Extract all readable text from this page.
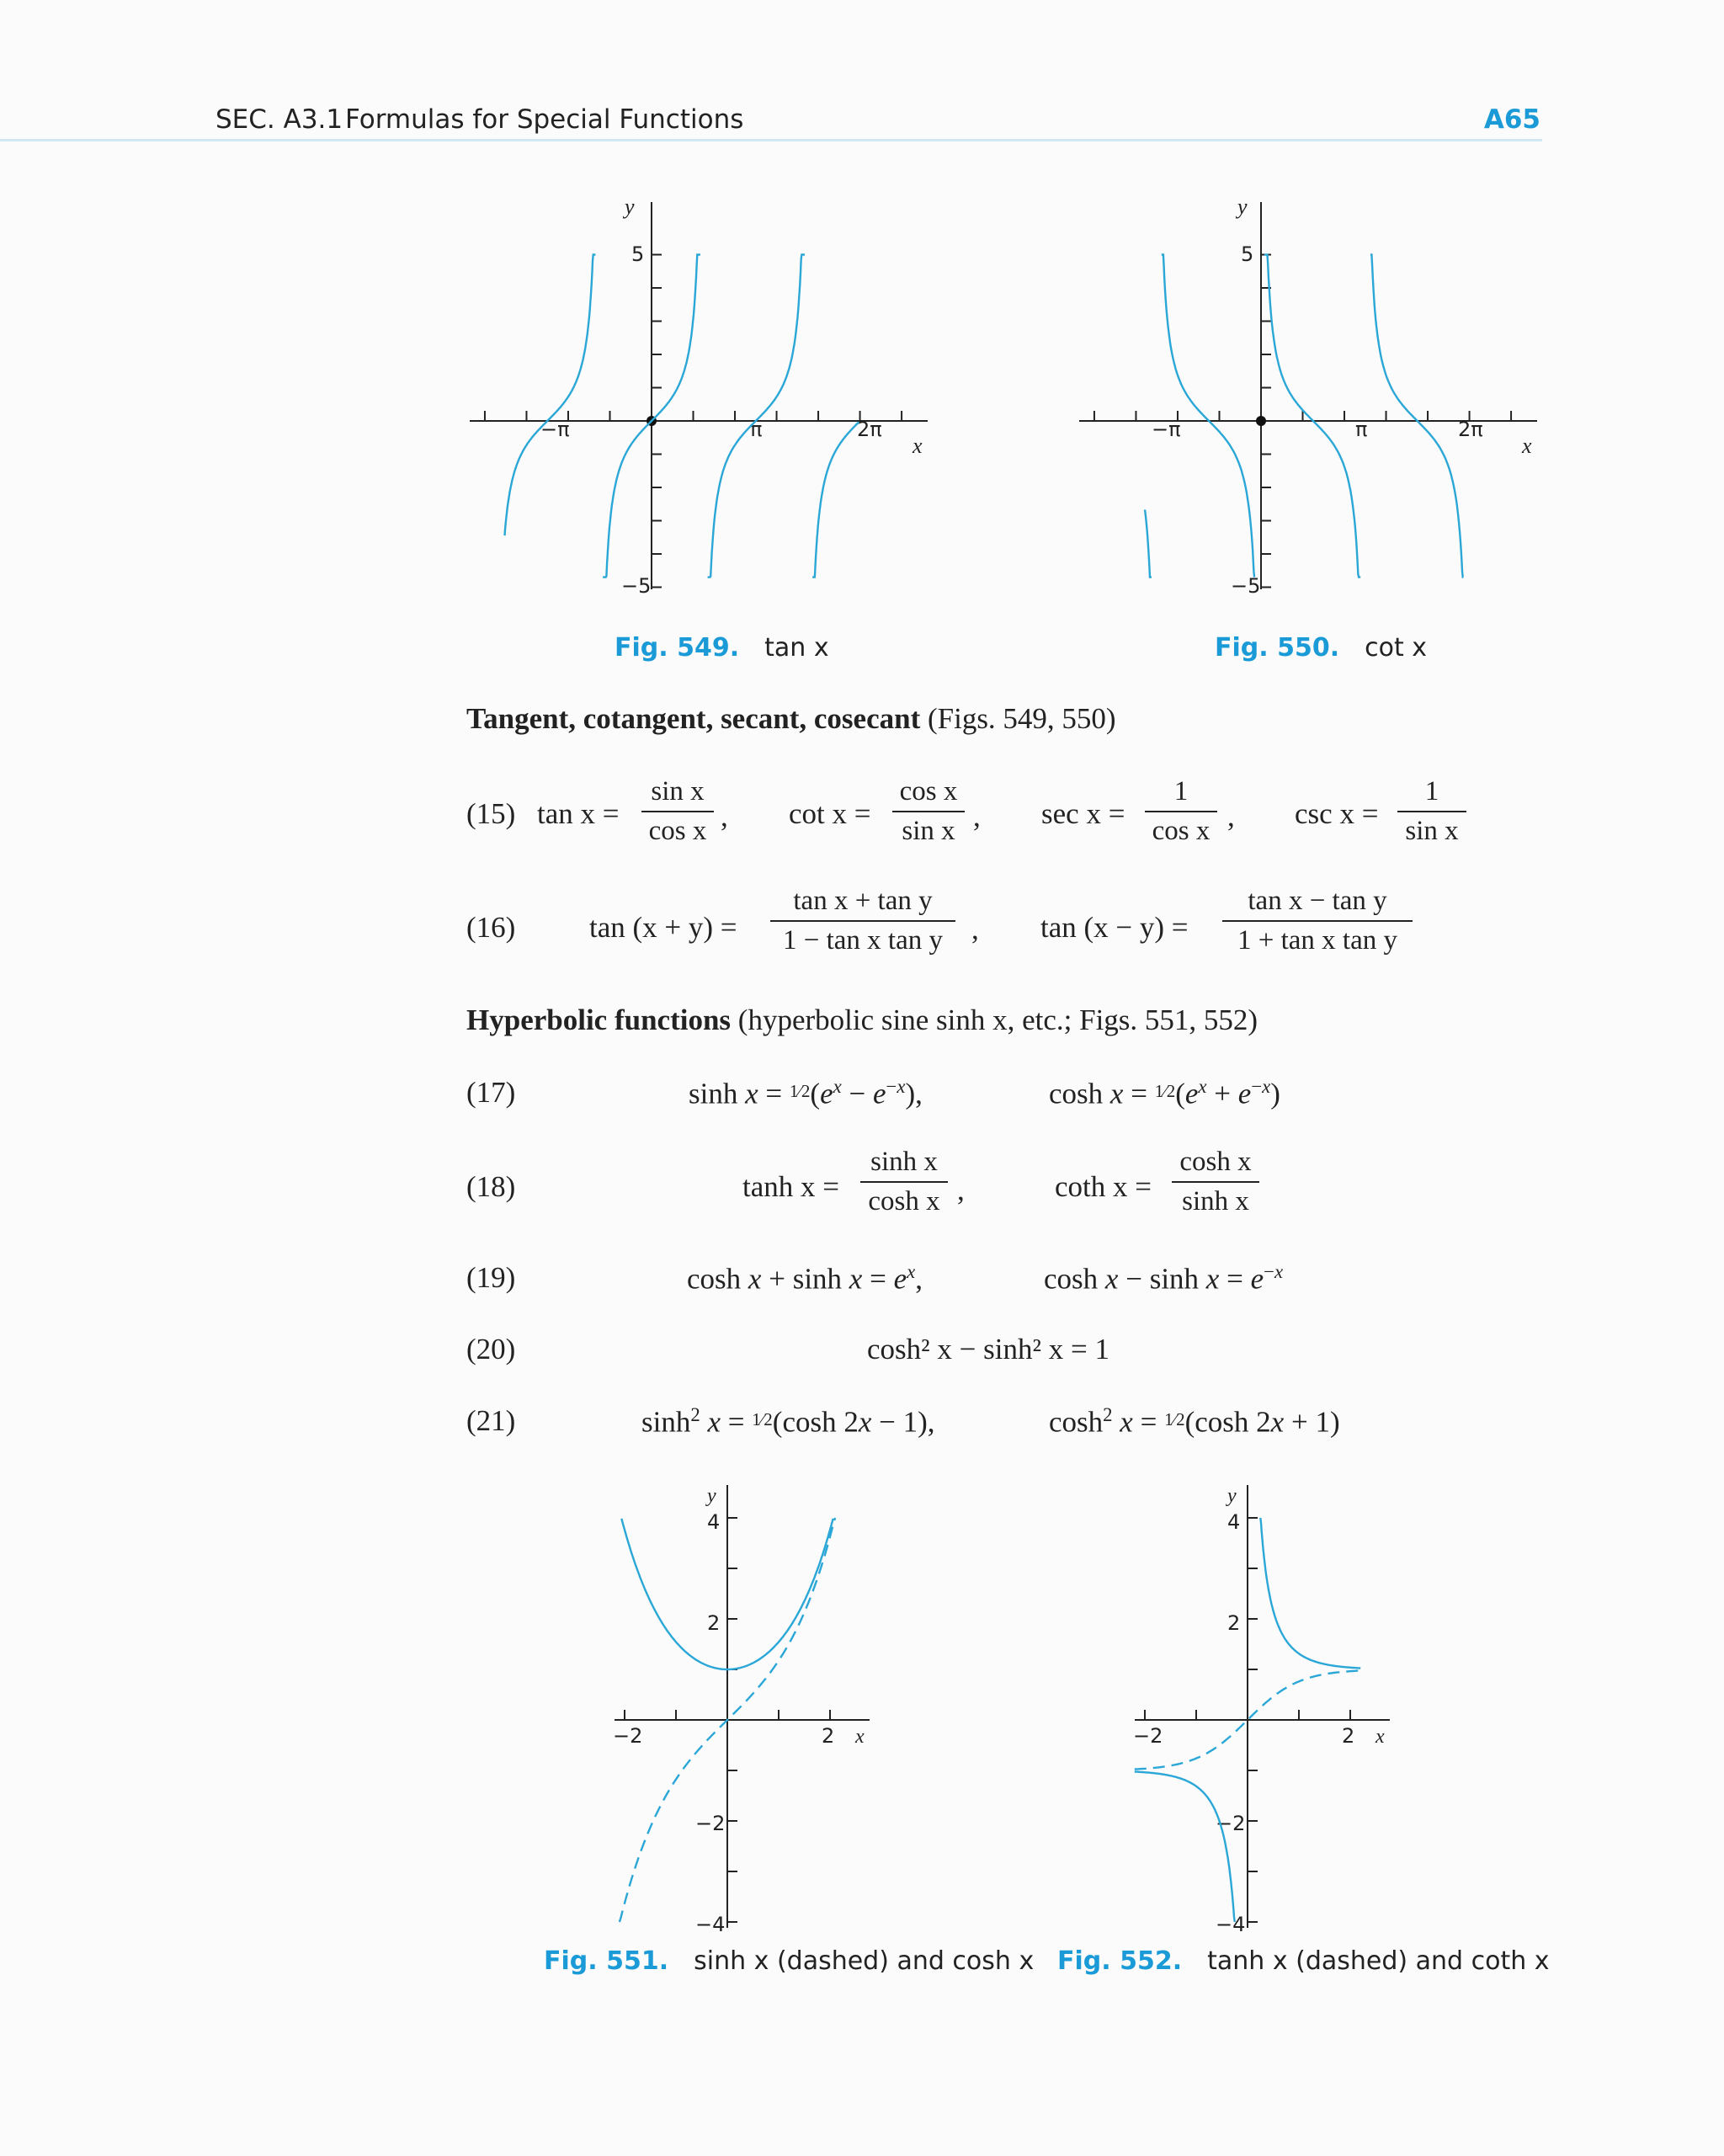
SEC. A3.1 Formulas for Special Functions	A65
y
x
−π	π	2π
5
−5
Fig. 549. tan x
y
x
−π	π	2π
5
−5
Fig. 550. cot x
Tangent, cotangent, secant, cosecant (Figs. 549, 550)
(15) $\tan x = \frac{\text{sin x}}{\text{cos x}}$ , $\cot x = \frac{\text{cos x}}{\text{sin x}}$ , $\sec x = \frac{1}{\text{cos x}}$ , $\csc x = \frac{1}{\text{sin x}}$
(16)	$\tan (x + y) = \frac{\text{tan x + tan y}}{\text{1 − tan x tan y}}$ , $\tan (x - y) = \frac{\text{tan x − tan y}}{\text{1 + tan x tan y}}$
Hyperbolic functions (hyperbolic sine sinh x, etc.; Figs. 551, 552)
(17)	$\sinh x = 1⁄2(e^x - e^{-x})$,	$\cosh x = 1⁄2(e^x + e^{-x})$
(18)	$\tanh x = \frac{\text{sinh x}}{\text{cosh x}}$ ,	coth $x = \frac{\text{cosh x}}{\text{sinh x}}$
(19)	$\cosh x + \sinh x = e^x$,	$\cosh x - \sinh x = e^{-x}$
(20)	cosh² x − sinh² x = 1
(21)	$\sinh^2 x$ = 1⁄2(cosh 2x − 1),	$\cosh^2 x$ = 1⁄2(cosh 2x + 1)
y
x
−2	2
4
2
−2
−4
Fig. 551. sinh x (dashed) and cosh x
y
x
−2	2
4
2
−2
−4
Fig. 552. tanh x (dashed) and coth x
